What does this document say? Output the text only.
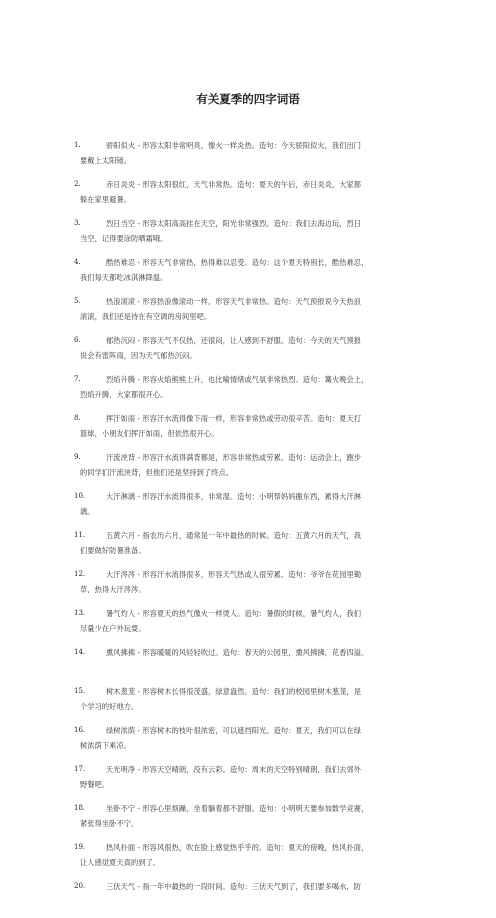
有关夏季的四字词语
1.	骄阳似火 - 形容太阳非常明亮，像火一样炎热。造句：今天骄阳似火，我们出门
要戴上太阳镜。
2.	赤日炎炎 - 形容太阳很红，天气非常热。造句：夏天的午后，赤日炎炎，大家都
躲在家里避暑。
3.	烈日当空 - 形容太阳高高挂在天空，阳光非常强烈。造句：我们去海边玩，烈日
当空，记得要涂防晒霜哦。
4.	酷热难忍 - 形容天气非常热，热得难以忍受。造句：这个夏天特别长，酷热难忍，
我们每天都吃冰淇淋降温。
5.	热浪滚滚 - 形容热浪像滚动一样，形容天气非常热。造句：天气预报说今天热浪
滚滚，我们还是待在有空调的房间里吧。
6.	郁热沉闷 - 形容天气不仅热，还很闷，让人感到不舒服。造句：今天的天气预报
说会有雷阵雨，因为天气郁热沉闷。
7.	烈焰升腾 - 形容火焰熊熊上升，也比喻情绪或气氛非常热烈。造句：篝火晚会上，
烈焰升腾，大家都很开心。
8.	挥汗如雨 - 形容汗水流得像下雨一样，形容非常热或劳动很辛苦。造句：夏天打
篮球，小朋友们挥汗如雨，但依然很开心。
9.	汗流浃背 - 形容汗水流得满背都是，形容非常热或劳累。造句：运动会上，跑步
的同学们汗流浃背，但他们还是坚持到了终点。
10.	大汗淋漓 - 形容汗水流得很多，非常湿。造句：小明帮妈妈搬东西，累得大汗淋
漓。
11.	五黄六月 - 指农历六月，通常是一年中最热的时候。造句：五黄六月的天气，我
们要做好防暑准备。
12.	大汗涔涔 - 形容汗水流得很多，形容天气热或人很劳累。造句：爷爷在花园里锄
草，热得大汗涔涔。
13.	暑气灼人 - 形容夏天的热气像火一样烫人。造句：暑假的时候，暑气灼人，我们
尽量少在户外玩耍。
14.	熏风拂拂 - 形容暖暖的风轻轻吹过。造句：春天的公园里，熏风拂拂，花香四溢。
15.	树木葱茏 - 形容树木长得很茂盛，绿意盎然。造句：我们的校园里树木葱茏，是
个学习的好地方。
16.	绿树浓荫 - 形容树木的枝叶很浓密，可以遮挡阳光。造句：夏天，我们可以在绿
树浓荫下乘凉。
17.	天光明净 - 形容天空晴朗，没有云彩。造句：周末的天空特别晴朗，我们去郊外
野餐吧。
18.	坐卧不宁 - 形容心里烦躁，坐着躺着都不舒服。造句：小明明天要参加数学竞赛，
紧张得坐卧不宁。
19.	热风扑面 - 形容风很热，吹在脸上感觉热乎乎的。造句：夏天的傍晚，热风扑面，
让人感觉夏天真的到了。
20.	三伏天气 - 指一年中最热的一段时间。造句：三伏天气到了，我们要多喝水，防
